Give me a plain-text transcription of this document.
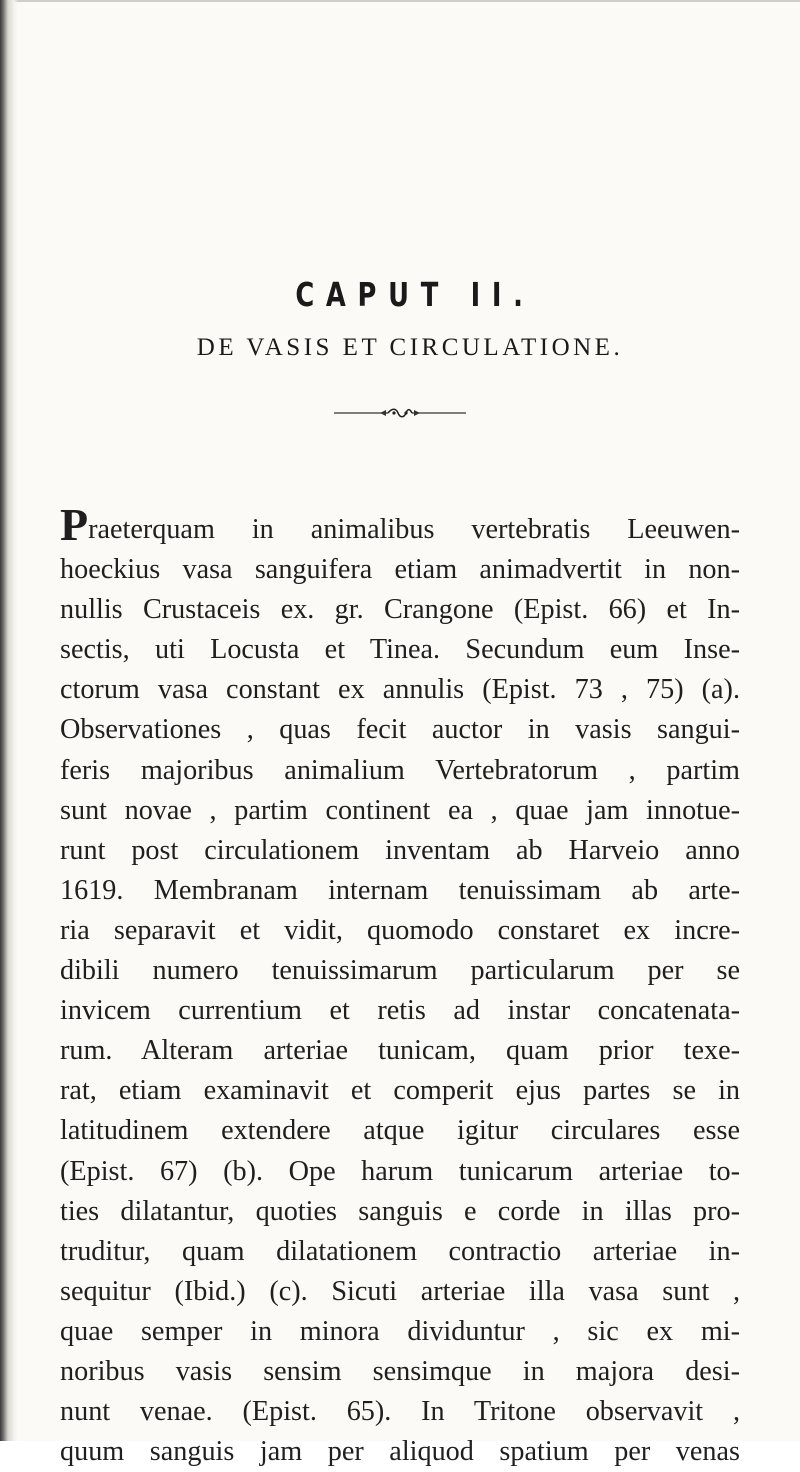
CAPUT II.
DE VASIS ET CIRCULATIONE.
Praeterquam in animalibus vertebratis Leeuwen-
hoeckius vasa sanguifera etiam animadvertit in non-
nullis Crustaceis ex. gr. Crangone (Epist. 66) et In-
sectis, uti Locusta et Tinea. Secundum eum Inse-
ctorum vasa constant ex annulis (Epist. 73 , 75) (a).
Observationes , quas fecit auctor in vasis sangui-
feris majoribus animalium Vertebratorum , partim
sunt novae , partim continent ea , quae jam innotue-
runt post circulationem inventam ab Harveio anno
1619. Membranam internam tenuissimam ab arte-
ria separavit et vidit, quomodo constaret ex incre-
dibili numero tenuissimarum particularum per se
invicem currentium et retis ad instar concatenata-
rum. Alteram arteriae tunicam, quam prior texe-
rat, etiam examinavit et comperit ejus partes se in
latitudinem extendere atque igitur circulares esse
(Epist. 67) (b). Ope harum tunicarum arteriae to-
ties dilatantur, quoties sanguis e corde in illas pro-
truditur, quam dilatationem contractio arteriae in-
sequitur (Ibid.) (c). Sicuti arteriae illa vasa sunt ,
quae semper in minora dividuntur , sic ex mi-
noribus vasis sensim sensimque in majora desi-
nunt venae. (Epist. 65). In Tritone observavit ,
quum sanguis jam per aliquod spatium per venas
